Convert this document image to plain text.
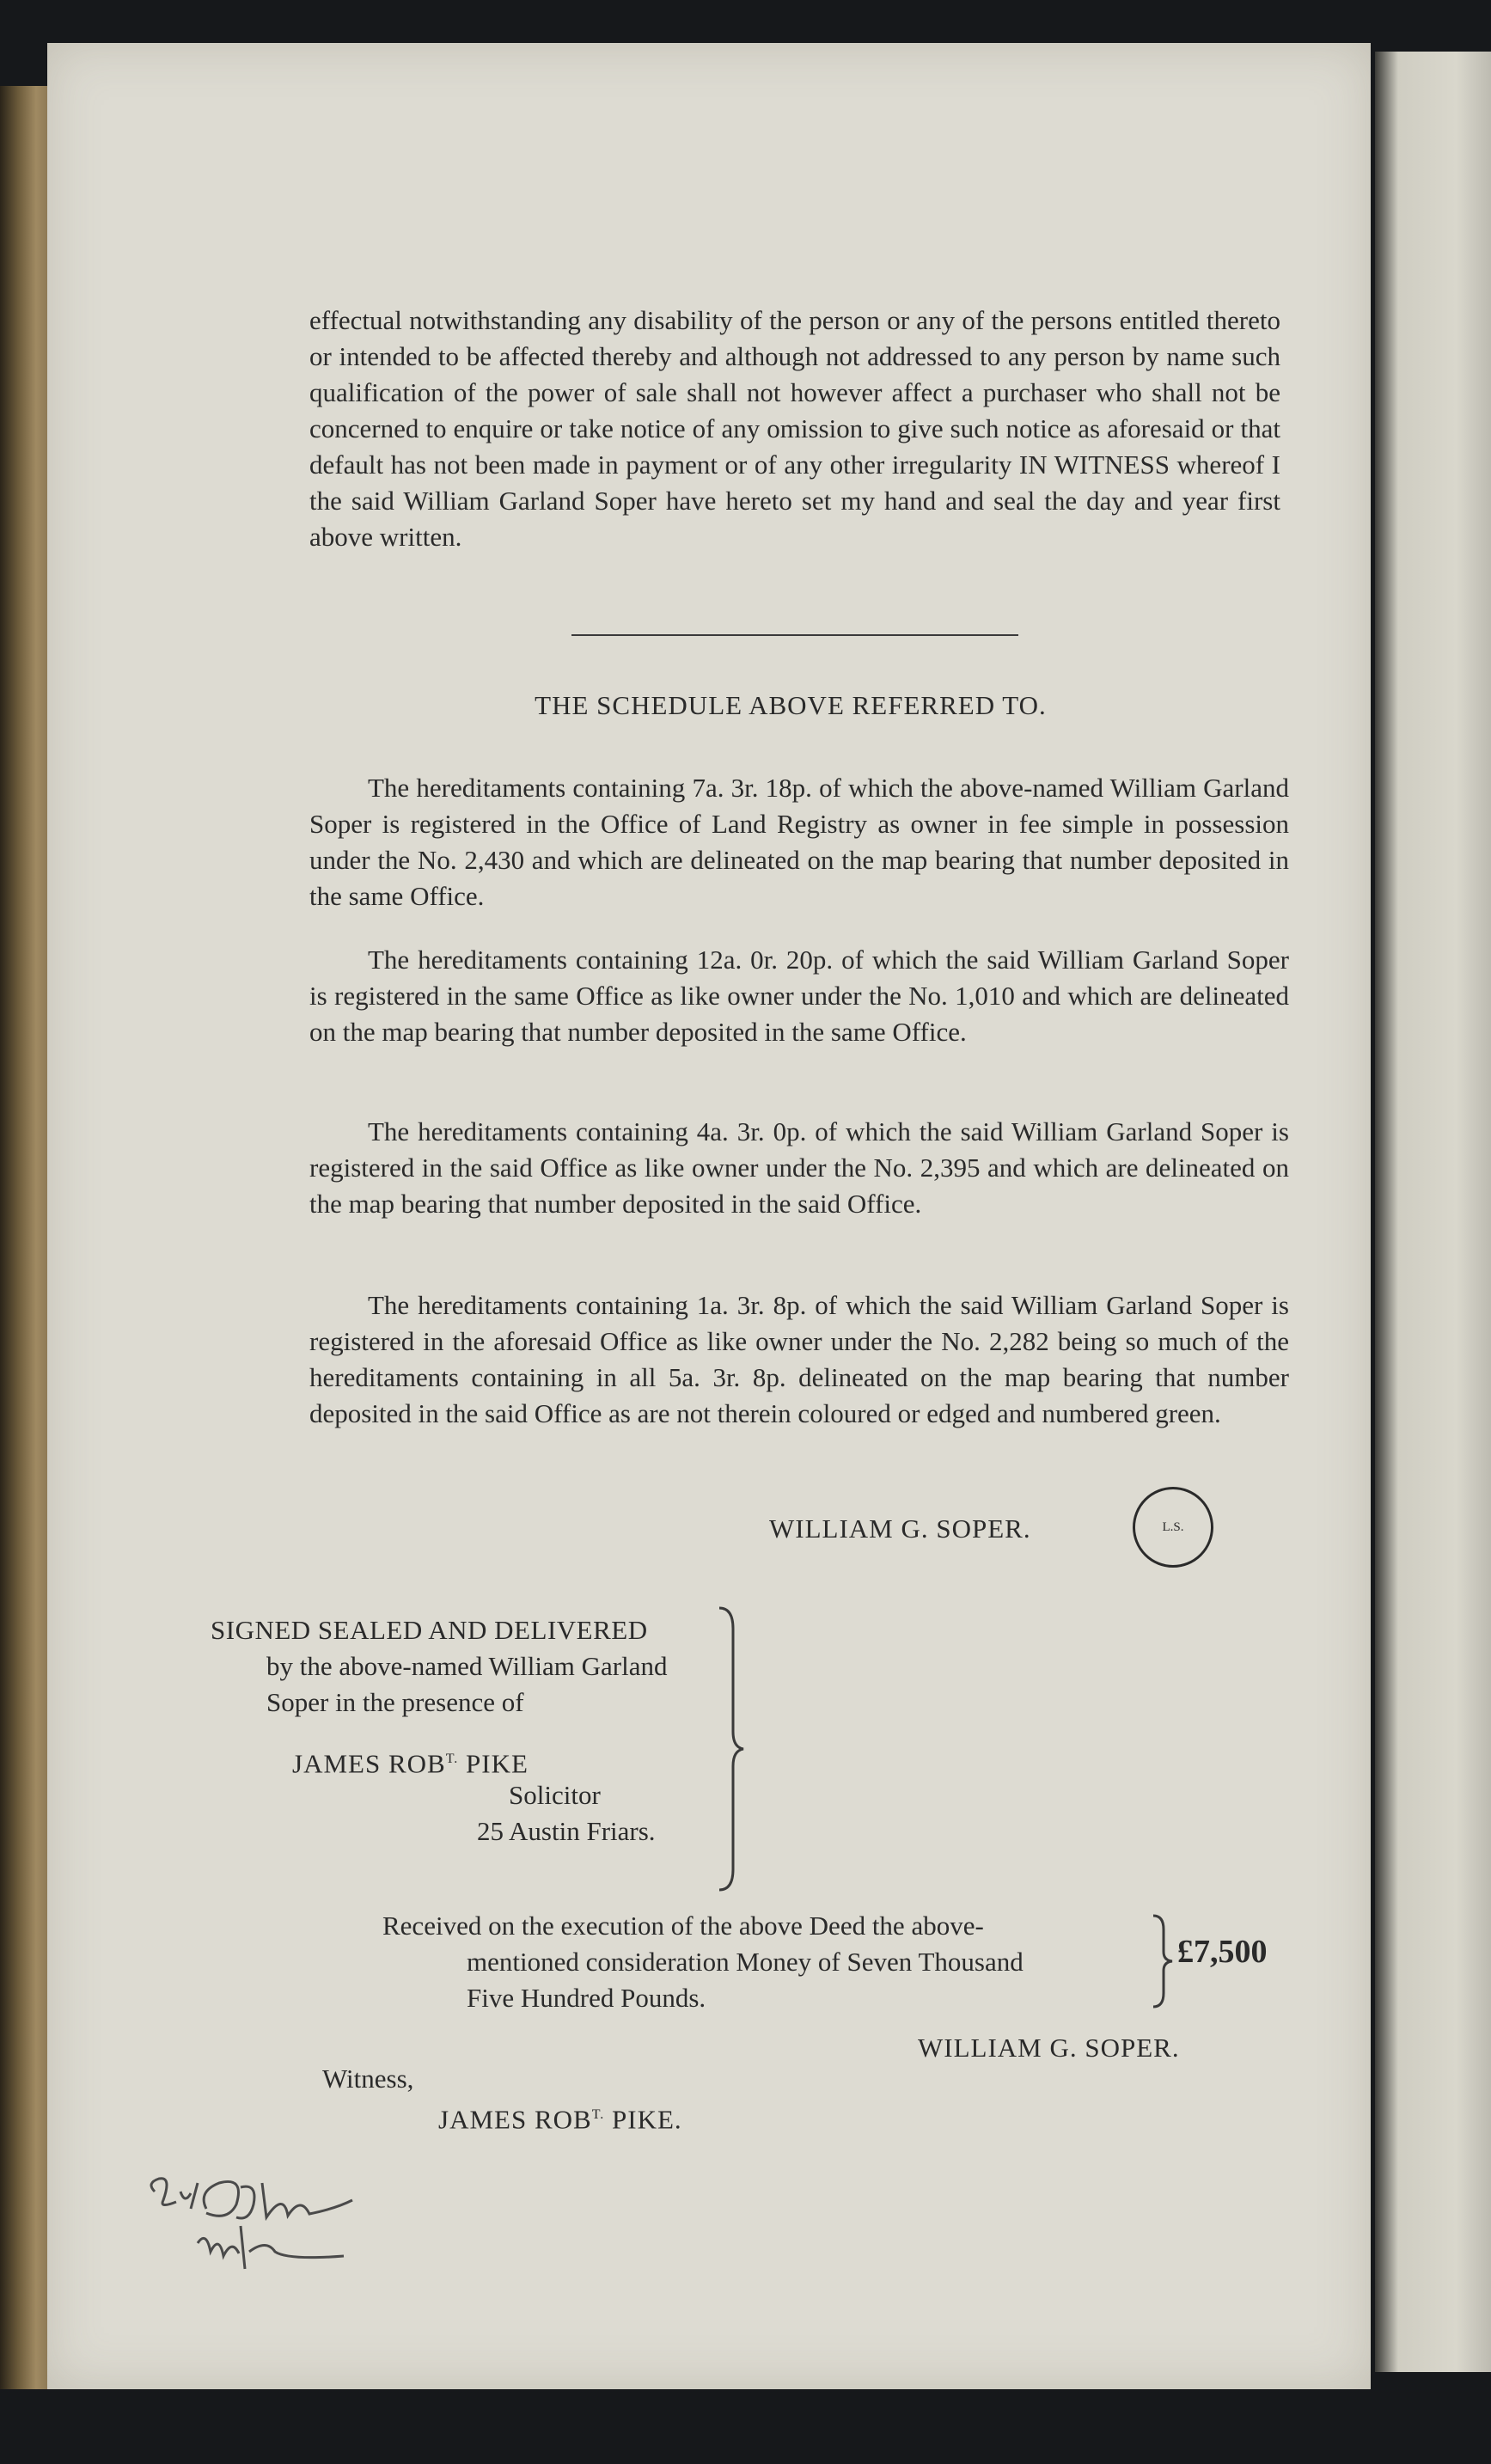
effectual notwithstanding any disability of the person or any of the persons entitled thereto or intended to be affected thereby and although not addressed to any person by name such qualification of the power of sale shall not however affect a purchaser who shall not be concerned to enquire or take notice of any omission to give such notice as aforesaid or that default has not been made in payment or of any other irregularity IN WITNESS whereof I the said William Garland Soper have hereto set my hand and seal the day and year first above written.
THE SCHEDULE ABOVE REFERRED TO.

The hereditaments containing 7a. 3r. 18p. of which the above-named William Garland Soper is registered in the Office of Land Registry as owner in fee simple in possession under the No. 2,430 and which are delineated on the map bearing that number deposited in the same Office.

The hereditaments containing 12a. 0r. 20p. of which the said William Garland Soper is registered in the same Office as like owner under the No. 1,010 and which are delineated on the map bearing that number deposited in the same Office.

The hereditaments containing 4a. 3r. 0p. of which the said William Garland Soper is registered in the said Office as like owner under the No. 2,395 and which are delineated on the map bearing that number deposited in the said Office.

The hereditaments containing 1a. 3r. 8p. of which the said William Garland Soper is registered in the aforesaid Office as like owner under the No. 2,282 being so much of the hereditaments containing in all 5a. 3r. 8p. delineated on the map bearing that number deposited in the said Office as are not therein coloured or edged and numbered green.

WILLIAM G. SOPER.	L.S.
SIGNED SEALED AND DELIVERED
by the above-named William Garland
Soper in the presence of
JAMES $ROB^{T.}$ PIKE
Solicitor
25 Austin Friars.
Received on the execution of the above Deed the above-
mentioned consideration Money of Seven Thousand
Five Hundred Pounds.
£7,500
WILLIAM G. SOPER.
Witness,
JAMES $ROB^{T.}$ PIKE.
